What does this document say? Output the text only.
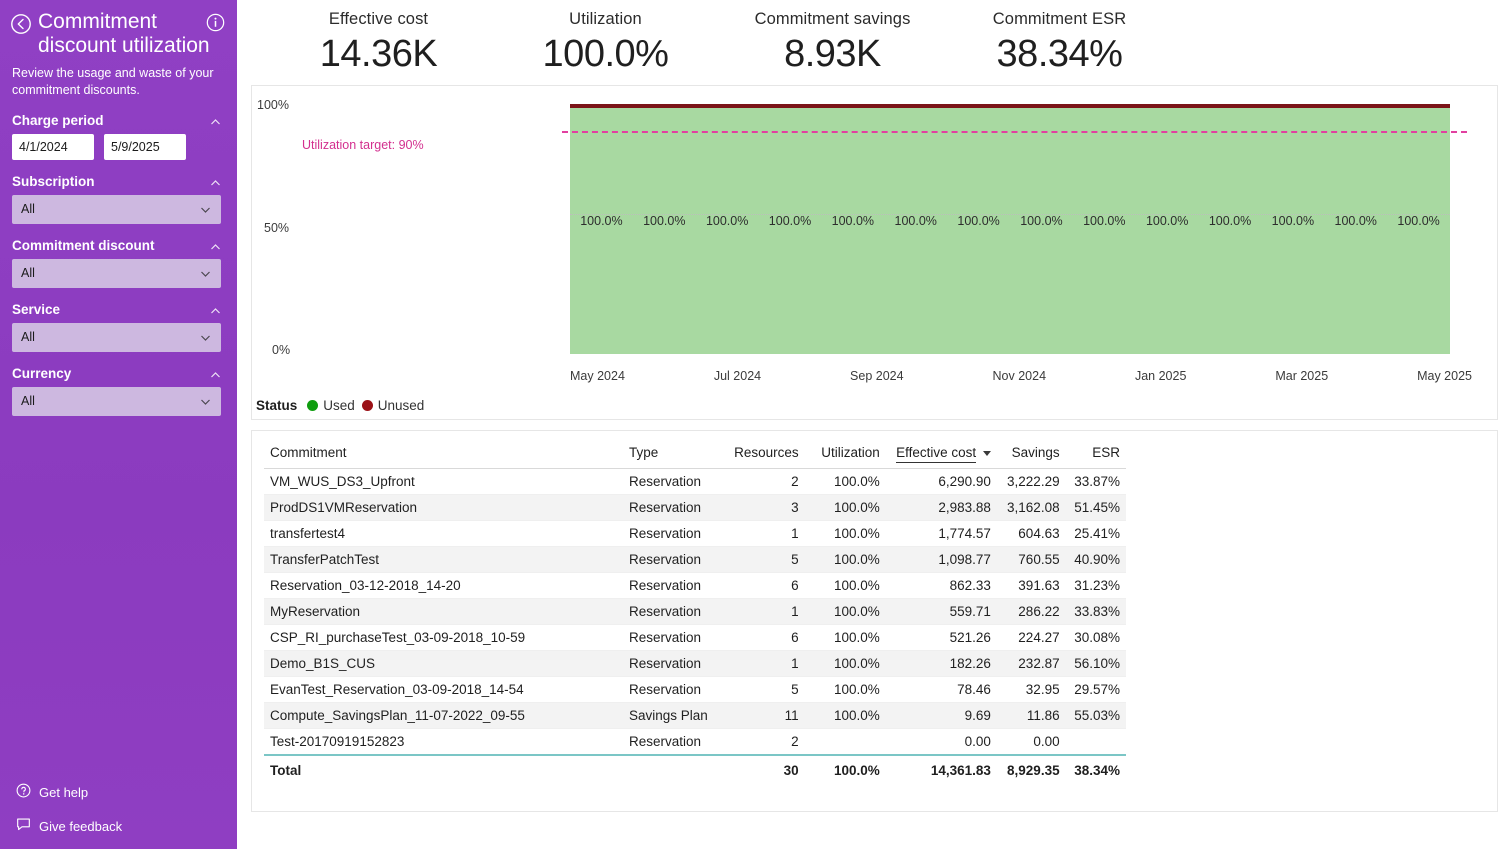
Commitment discount utilization

Review the usage and waste of your commitment discounts.

Charge period
4/1/2024
5/9/2025
Subscription
All
Commitment discount
All
Service
All
Currency
All
Get help
Give feedback
Effective cost
14.36K
Utilization
100.0%
Commitment savings
8.93K
Commitment ESR
38.34%
100%
50%
0%
100.0%	100.0%	100.0%	100.0%	100.0%	100.0%	100.0%	100.0%	100.0%	100.0%	100.0%	100.0%	100.0%	100.0%
Utilization target: 90%
May 2024	Jul 2024	Sep 2024	Nov 2024	Jan 2025	Mar 2025	May 2025
Status Used Unused
Commitment	Type	Resources	Utilization	Effective cost	Savings	ESR
VM_WUS_DS3_Upfront	Reservation	2	100.0%	6,290.90	3,222.29	33.87%
ProdDS1VMReservation	Reservation	3	100.0%	2,983.88	3,162.08	51.45%
transfertest4	Reservation	1	100.0%	1,774.57	604.63	25.41%
TransferPatchTest	Reservation	5	100.0%	1,098.77	760.55	40.90%
Reservation_03-12-2018_14-20	Reservation	6	100.0%	862.33	391.63	31.23%
MyReservation	Reservation	1	100.0%	559.71	286.22	33.83%
CSP_RI_purchaseTest_03-09-2018_10-59	Reservation	6	100.0%	521.26	224.27	30.08%
Demo_B1S_CUS	Reservation	1	100.0%	182.26	232.87	56.10%
EvanTest_Reservation_03-09-2018_14-54	Reservation	5	100.0%	78.46	32.95	29.57%
Compute_SavingsPlan_11-07-2022_09-55	Savings Plan	11	100.0%	9.69	11.86	55.03%
Test-20170919152823	Reservation	2		0.00	0.00	
Total		30	100.0%	14,361.83	8,929.35	38.34%
